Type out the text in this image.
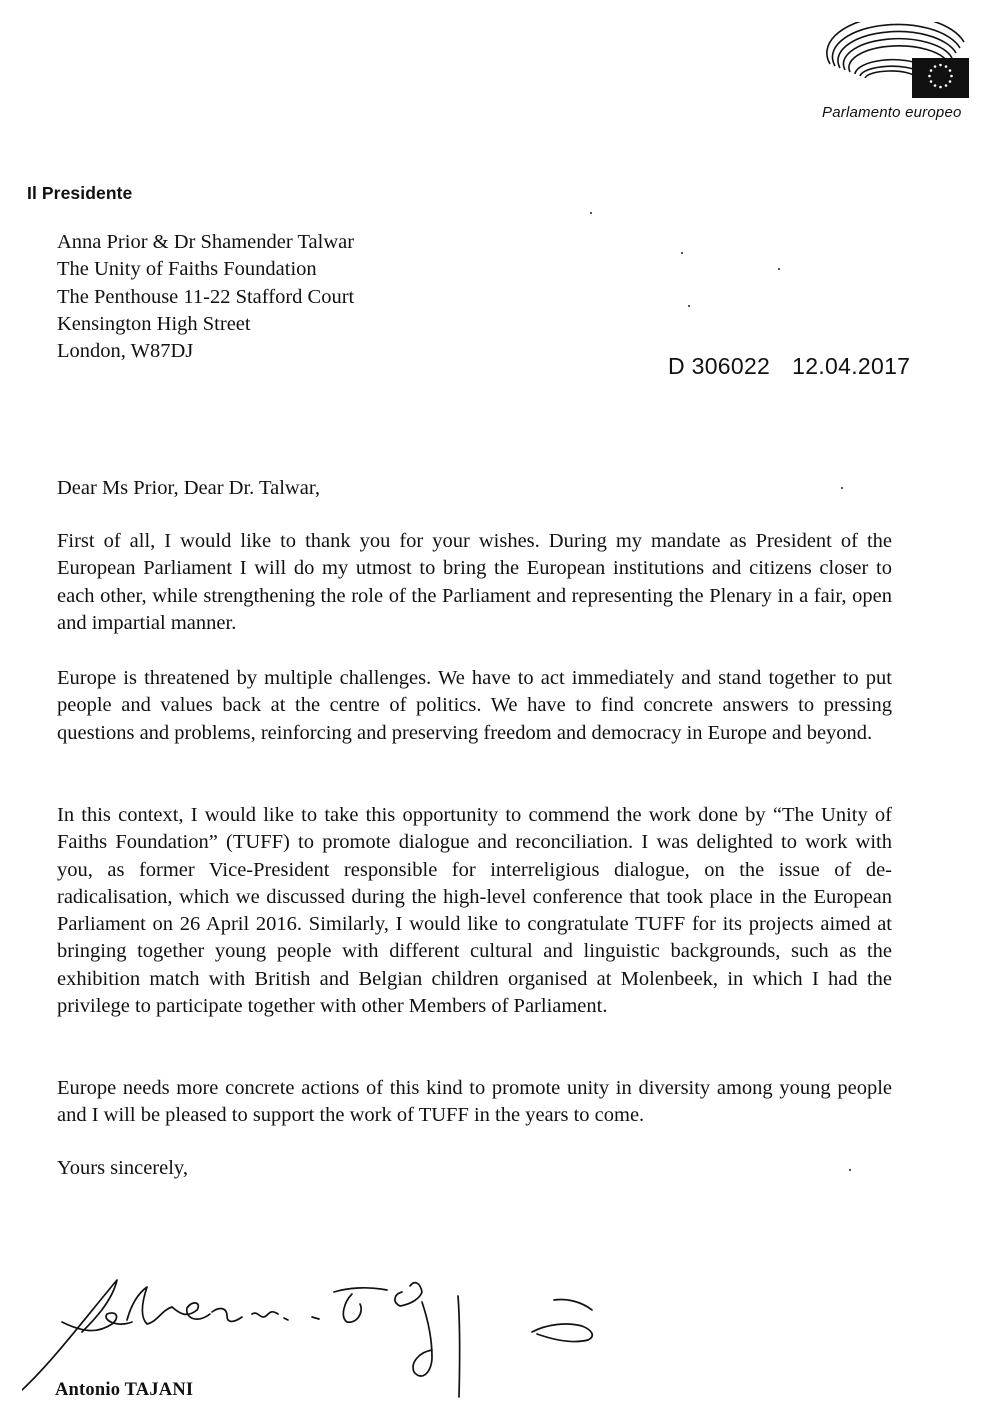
Parlamento europeo
Il Presidente
Anna Prior & Dr Shamender Talwar
The Unity of Faiths Foundation
The Penthouse 11-22 Stafford Court
Kensington High Street
London, W87DJ
D 306022 12.04.2017
Dear Ms Prior, Dear Dr. Talwar,

First of all, I would like to thank you for your wishes. During my mandate as President of the European Parliament I will do my utmost to bring the European institutions and citizens closer to each other, while strengthening the role of the Parliament and representing the Plenary in a fair, open and impartial manner.

Europe is threatened by multiple challenges. We have to act immediately and stand together to put people and values back at the centre of politics. We have to find concrete answers to pressing questions and problems, reinforcing and preserving freedom and democracy in Europe and beyond.

In this context, I would like to take this opportunity to commend the work done by “The Unity of Faiths Foundation” (TUFF) to promote dialogue and reconciliation. I was delighted to work with you, as former Vice-President responsible for interreligious dialogue, on the issue of de-radicalisation, which we discussed during the high-level conference that took place in the European Parliament on 26 April 2016. Similarly, I would like to congratulate TUFF for its projects aimed at bringing together young people with different cultural and linguistic backgrounds, such as the exhibition match with British and Belgian children organised at Molenbeek, in which I had the privilege to participate together with other Members of Parliament.

Europe needs more concrete actions of this kind to promote unity in diversity among young people and I will be pleased to support the work of TUFF in the years to come.

Yours sincerely,
Antonio TAJANI
